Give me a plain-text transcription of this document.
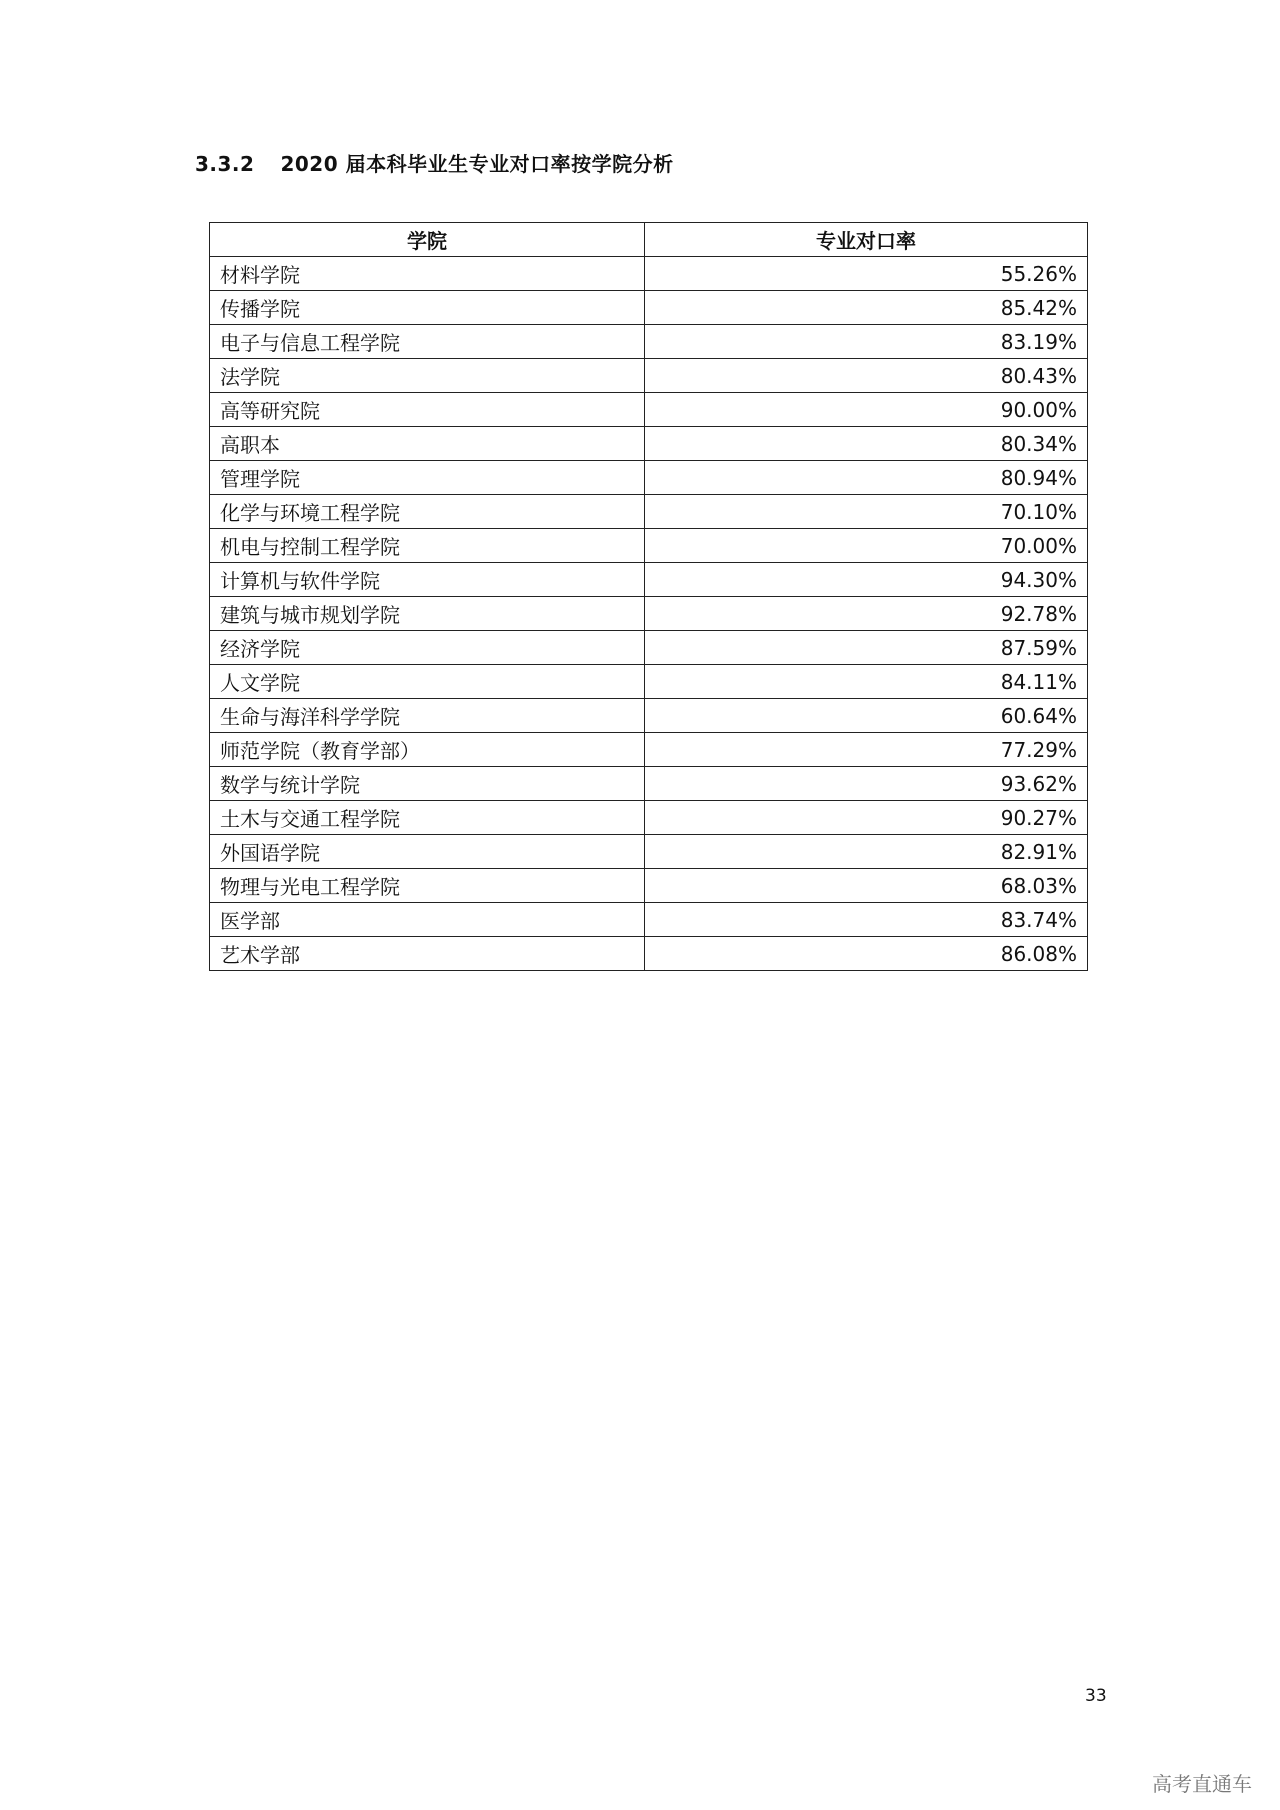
3.3.2 2020 届本科毕业生专业对口率按学院分析
学院	专业对口率
材料学院	55.26%
传播学院	85.42%
电子与信息工程学院	83.19%
法学院	80.43%
高等研究院	90.00%
高职本	80.34%
管理学院	80.94%
化学与环境工程学院	70.10%
机电与控制工程学院	70.00%
计算机与软件学院	94.30%
建筑与城市规划学院	92.78%
经济学院	87.59%
人文学院	84.11%
生命与海洋科学学院	60.64%
师范学院（教育学部）	77.29%
数学与统计学院	93.62%
土木与交通工程学院	90.27%
外国语学院	82.91%
物理与光电工程学院	68.03%
医学部	83.74%
艺术学部	86.08%
33
高考直通车
